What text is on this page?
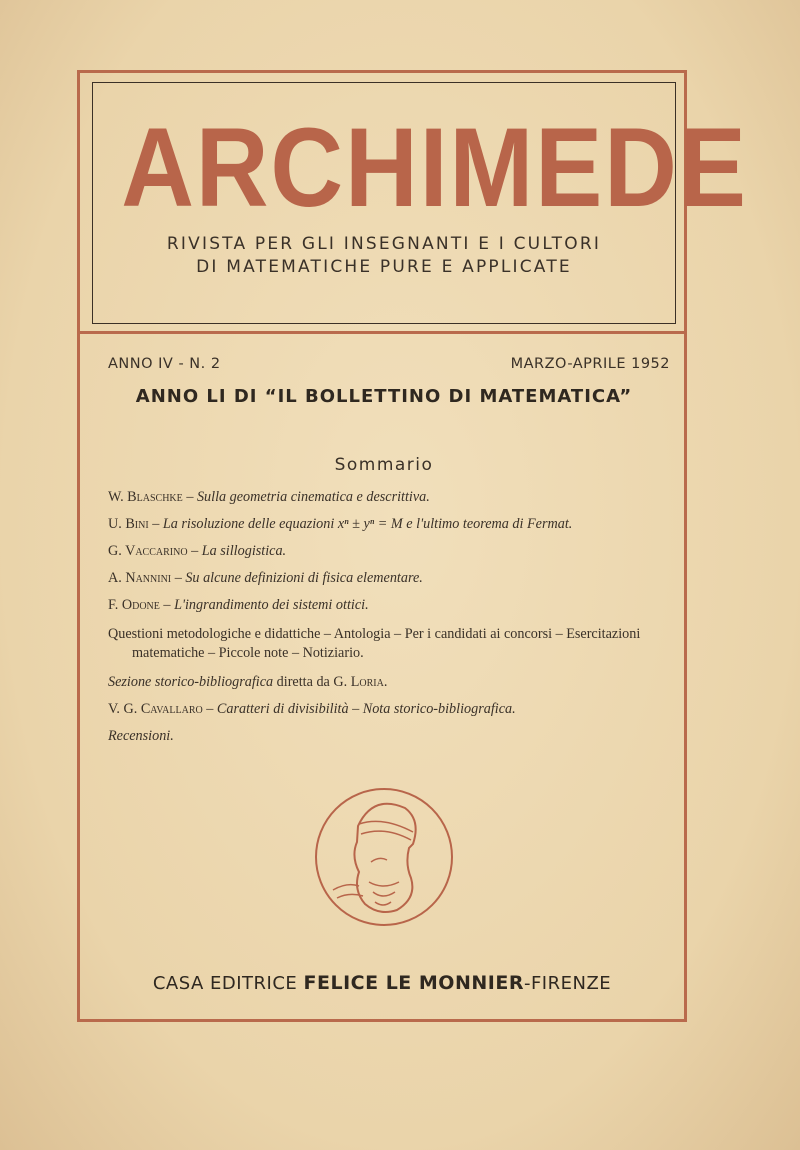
ARCHIMEDE
RIVISTA PER GLI INSEGNANTI E I CULTORI
DI MATEMATICHE PURE E APPLICATE
ANNO IV - N. 2	MARZO-APRILE 1952
ANNO LI DI “IL BOLLETTINO DI MATEMATICA”
Sommario

W. Blaschke – Sulla geometria cinematica e descrittiva.

U. Bini – La risoluzione delle equazioni xⁿ ± yⁿ = M e l'ultimo teorema di Fermat.

G. Vaccarino – La sillogistica.

A. Nannini – Su alcune definizioni di fisica elementare.

F. Odone – L'ingrandimento dei sistemi ottici.

Questioni metodologiche e didattiche – Antologia – Per i candidati ai concorsi – Esercitazioni matematiche – Piccole note – Notiziario.

Sezione storico-bibliografica diretta da G. Loria.

V. G. Cavallaro – Caratteri di divisibilità – Nota storico-bibliografica.

Recensioni.

CASA EDITRICE FELICE LE MONNIER-FIRENZE
